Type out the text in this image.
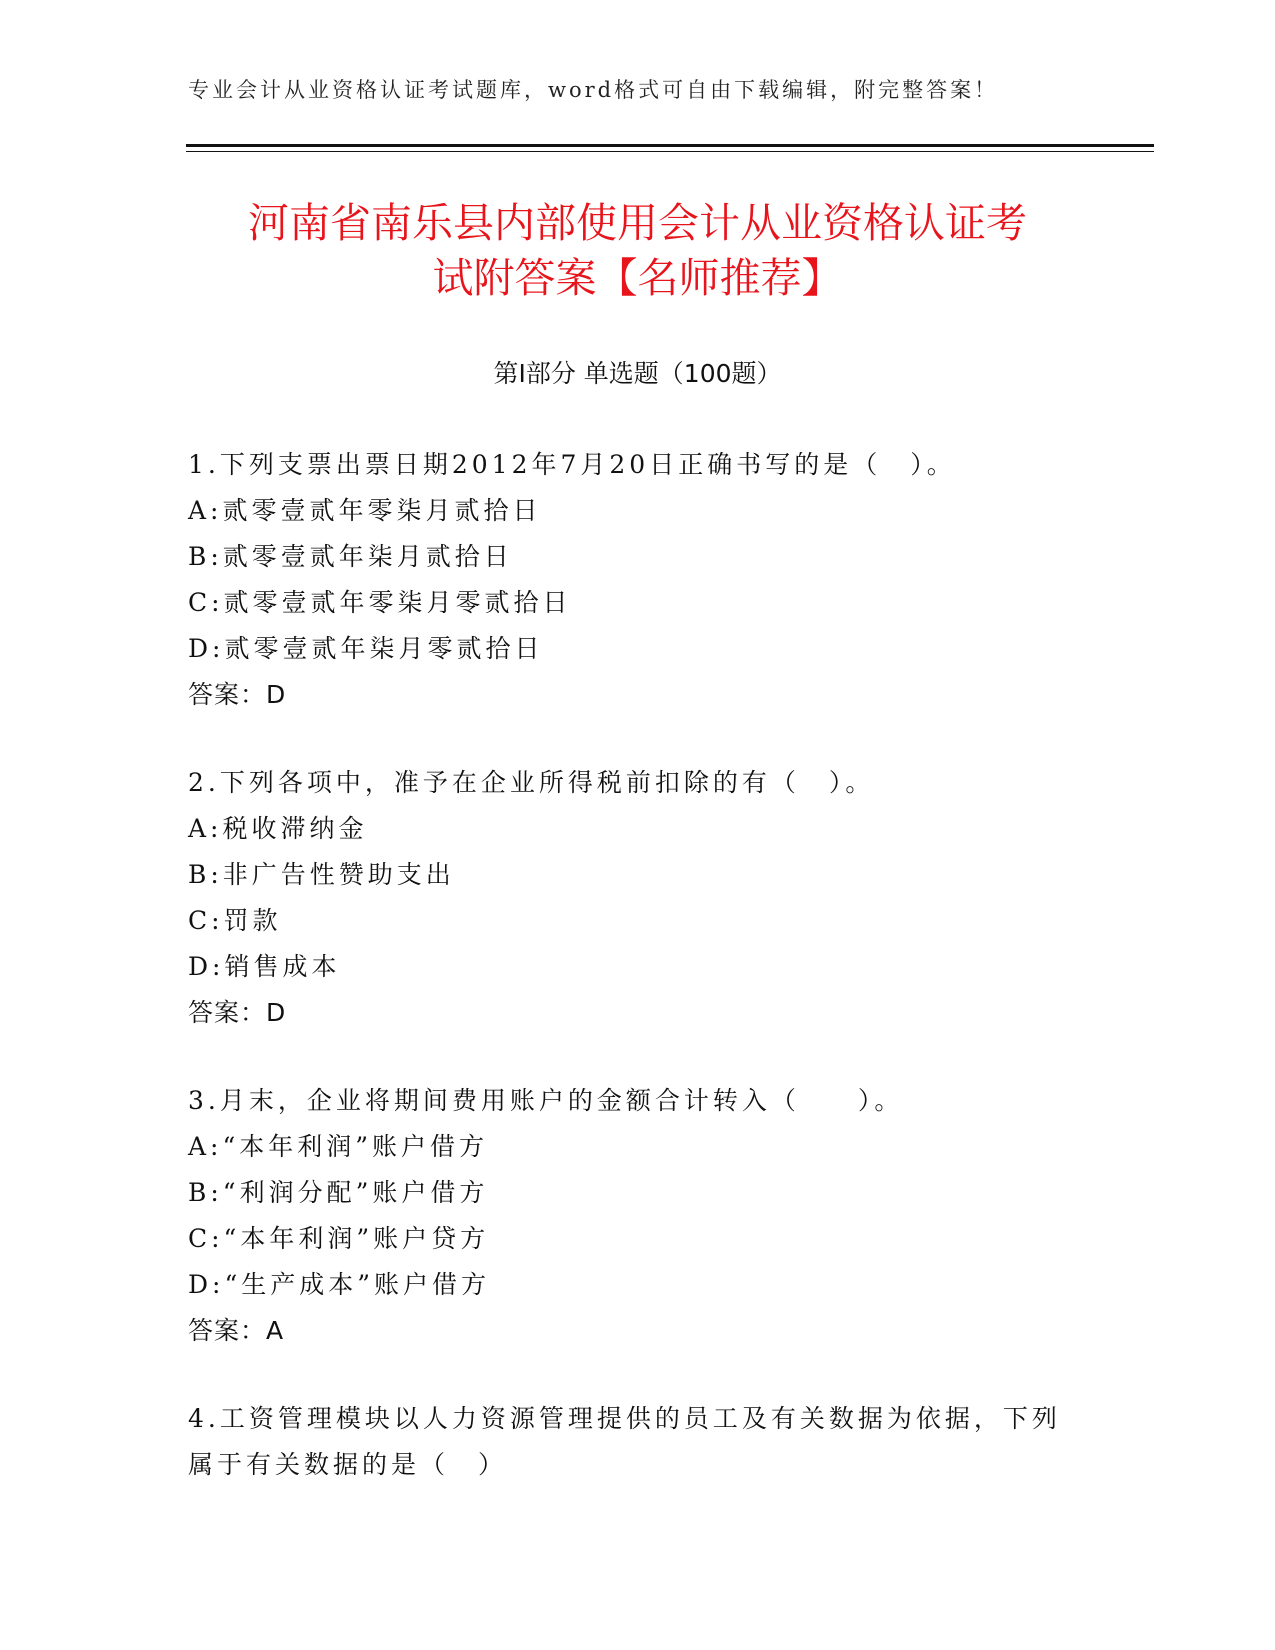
专业会计从业资格认证考试题库，word格式可自由下载编辑，附完整答案！
河南省南乐县内部使用会计从业资格认证考
试附答案【名师推荐】
第Ⅰ部分 单选题（100题）
1.下列支票出票日期2012年7月20日正确书写的是（　）。
A:贰零壹贰年零柒月贰拾日
B:贰零壹贰年柒月贰拾日
C:贰零壹贰年零柒月零贰拾日
D:贰零壹贰年柒月零贰拾日
答案：D
2.下列各项中，准予在企业所得税前扣除的有（　）。
A:税收滞纳金
B:非广告性赞助支出
C:罚款
D:销售成本
答案：D
3.月末，企业将期间费用账户的金额合计转入（　　）。
A:“本年利润”账户借方
B:“利润分配”账户借方
C:“本年利润”账户贷方
D:“生产成本”账户借方
答案：A
4.工资管理模块以人力资源管理提供的员工及有关数据为依据，下列
属于有关数据的是（　）
